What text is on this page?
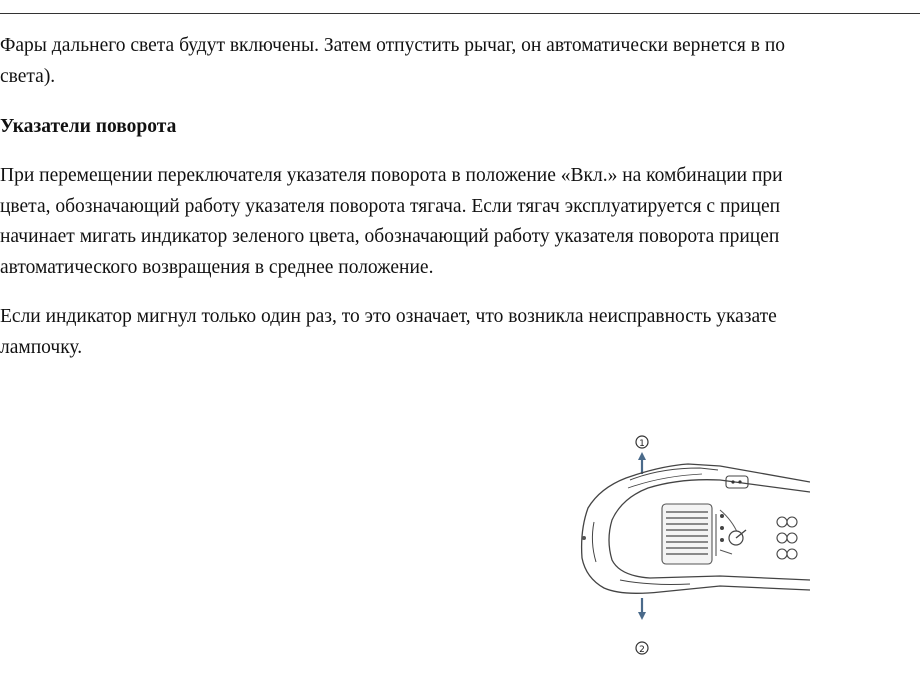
Фары дальнего света будут включены. Затем отпустить рычаг, он автоматически вернется в по
света).
Указатели поворота
При перемещении переключателя указателя поворота в положение «Вкл.» на комбинации при
цвета, обозначающий работу указателя поворота тягача. Если тягач эксплуатируется с прицеп
начинает мигать индикатор зеленого цвета, обозначающий работу указателя поворота прицеп
автоматического возвращения в среднее положение.
Если индикатор мигнул только один раз, то это означает, что возникла неисправность указате
лампочку.
1
2
